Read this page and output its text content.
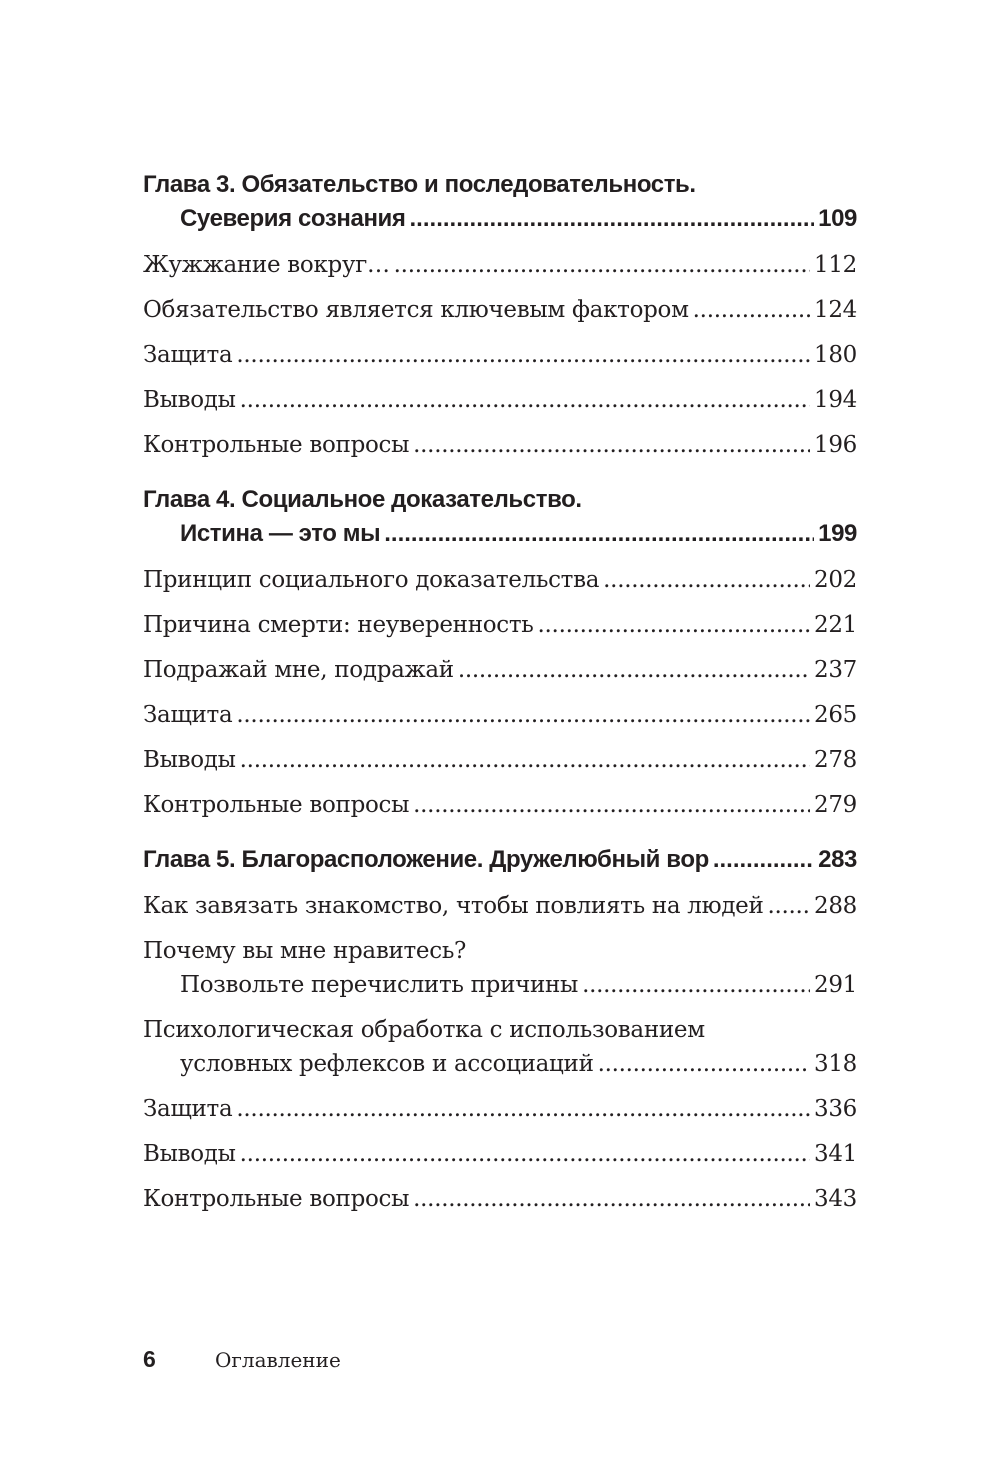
Глава 3. Обязательство и последовательность.
Суеверия сознания .....	109
Жужжание вокруг… .....	112
Обязательство является ключевым фактором .....	124
Защита .....	180
Выводы .....	194
Контрольные вопросы .....	196
Глава 4. Социальное доказательство.
Истина — это мы .....	199
Принцип социального доказательства .....	202
Причина смерти: неуверенность .....	221
Подражай мне, подражай .....	237
Защита .....	265
Выводы .....	278
Контрольные вопросы .....	279
Глава 5. Благорасположение. Дружелюбный вор .....	283
Как завязать знакомство, чтобы повлиять на людей ..... 288
Почему вы мне нравитесь?
Позвольте перечислить причины .....	291
Психологическая обработка с использованием
условных рефлексов и ассоциаций .....	318
Защита .....	336
Выводы .....	341
Контрольные вопросы .....	343
6	Оглавление
